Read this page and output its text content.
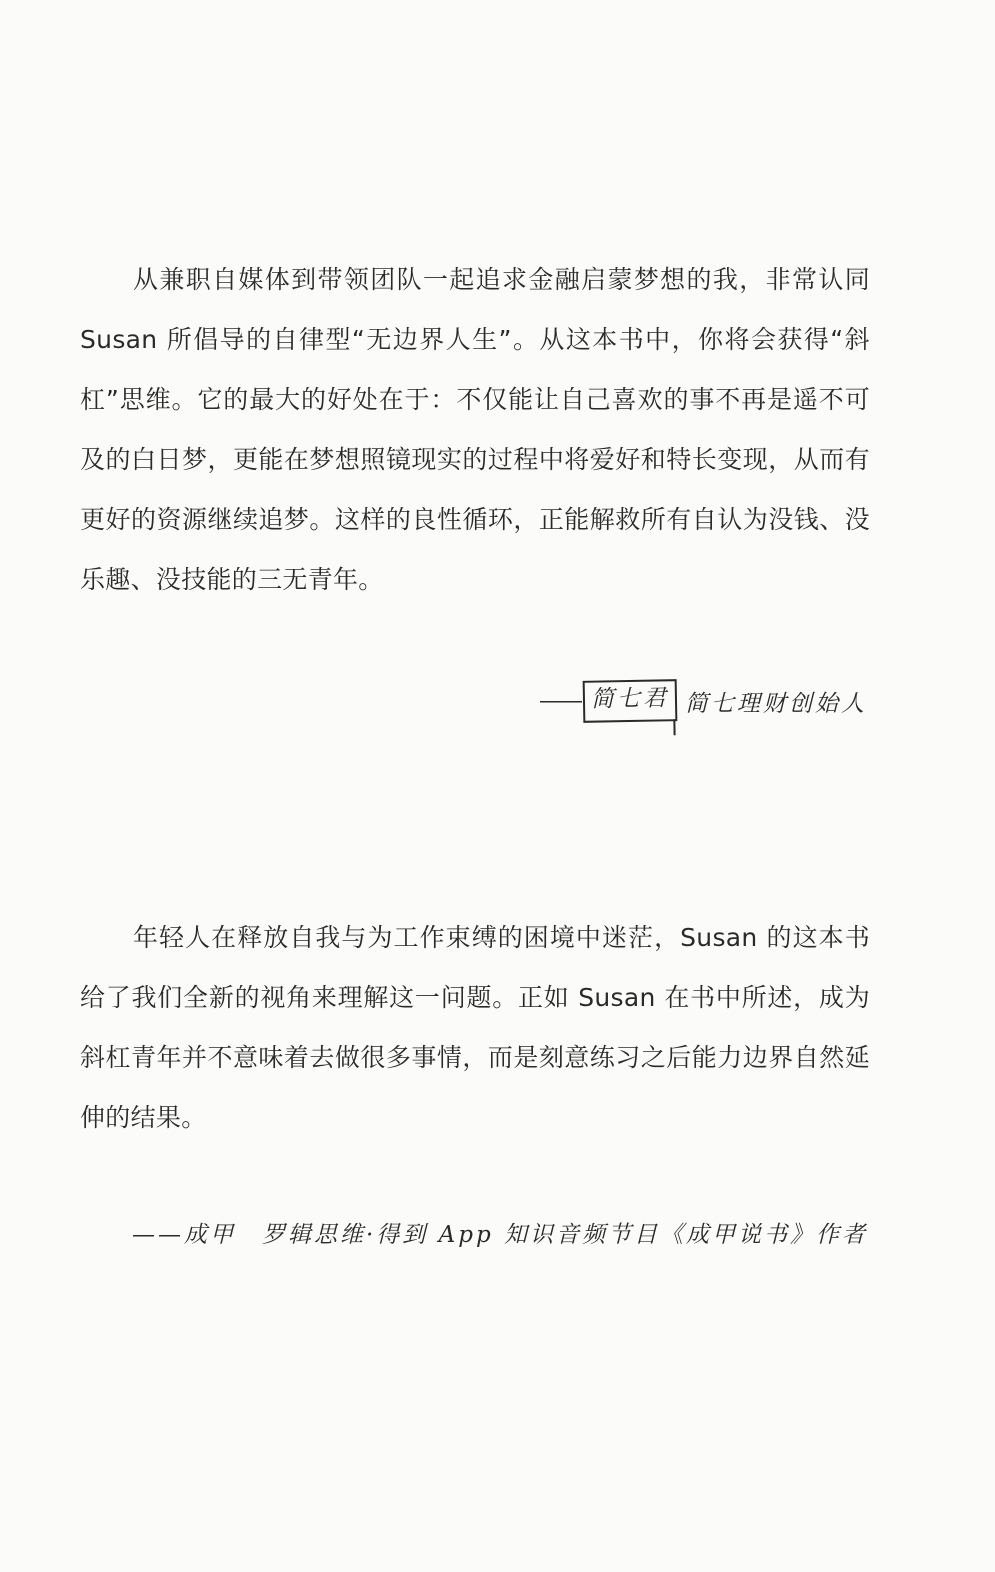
从兼职自媒体到带领团队一起追求金融启蒙梦想的我，非常认同 Susan 所倡导的自律型“无边界人生”。从这本书中，你将会获得“斜杠”思维。它的最大的好处在于：不仅能让自己喜欢的事不再是遥不可及的白日梦，更能在梦想照镜现实的过程中将爱好和特长变现，从而有更好的资源继续追梦。这样的良性循环，正能解救所有自认为没钱、没乐趣、没技能的三无青年。

—— 简七君 简七理财创始人

年轻人在释放自我与为工作束缚的困境中迷茫，Susan 的这本书给了我们全新的视角来理解这一问题。正如 Susan 在书中所述，成为斜杠青年并不意味着去做很多事情，而是刻意练习之后能力边界自然延伸的结果。

——成甲　罗辑思维·得到 App 知识音频节目《成甲说书》作者
